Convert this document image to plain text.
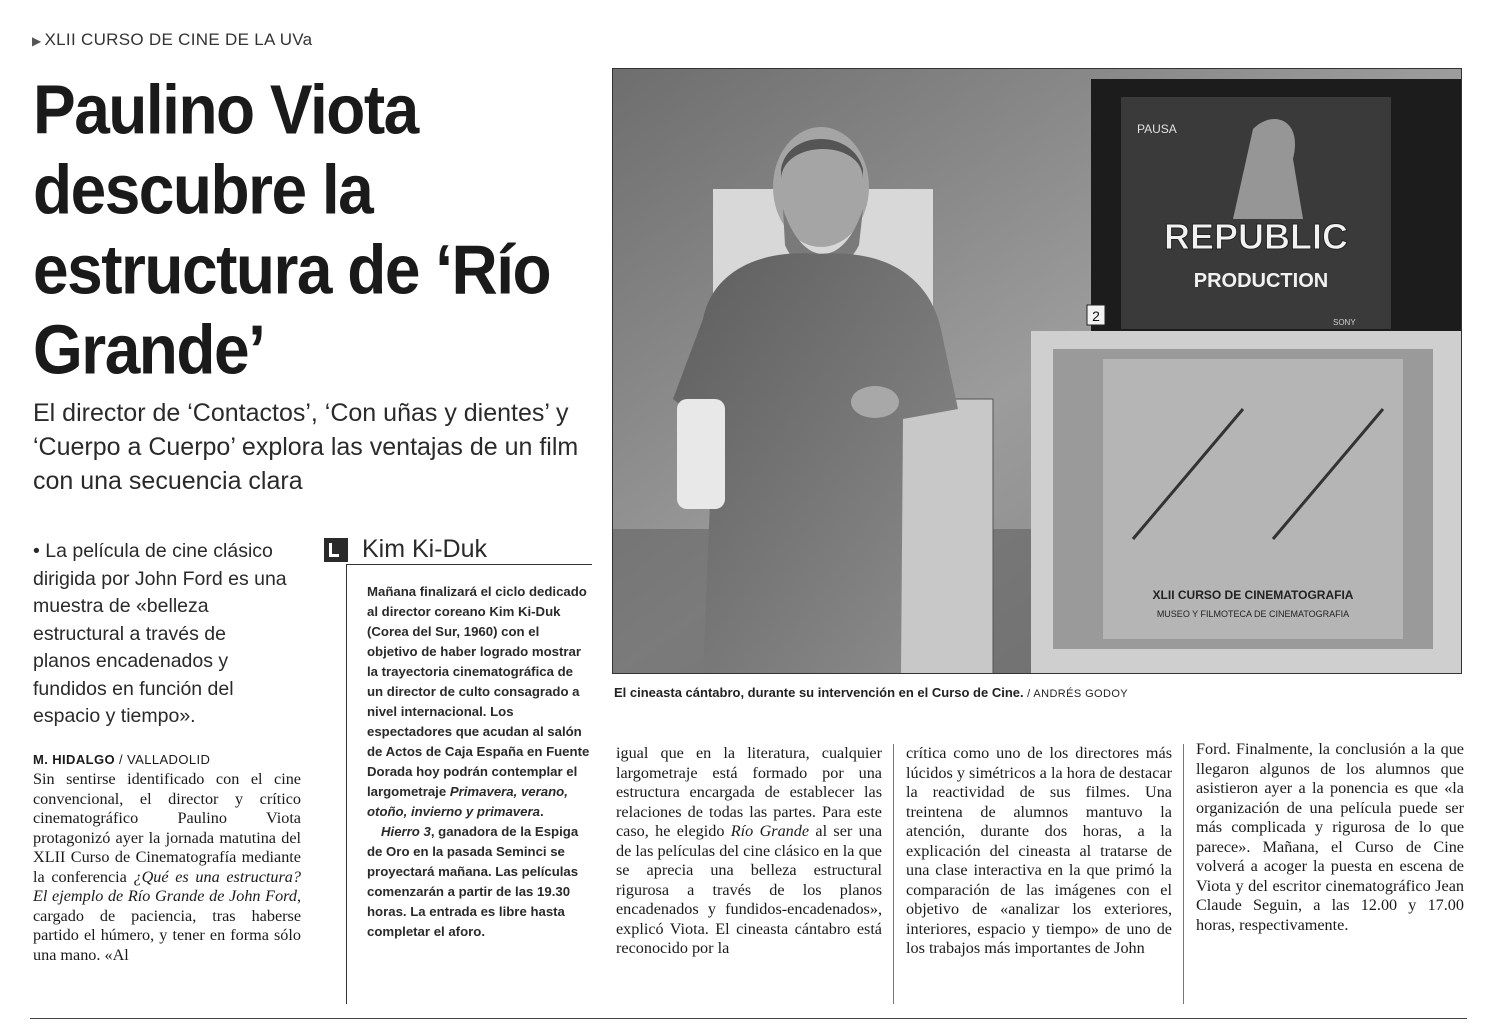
▶ XLII CURSO DE CINE DE LA UVa
Paulino Viota descubre la estructura de ‘Río Grande’
El director de ‘Contactos’, ‘Con uñas y dientes’ y ‘Cuerpo a Cuerpo’ explora las ventajas de un film con una secuencia clara
• La película de cine clásico dirigida por John Ford es una muestra de «belleza estructural a través de planos encadenados y fundidos en función del espacio y tiempo».
M. HIDALGO / VALLADOLID
Sin sentirse identificado con el cine convencional, el director y crítico cinematográfico Paulino Viota protagonizó ayer la jornada matutina del XLII Curso de Cinematografía mediante la conferencia ¿Qué es una estructura? El ejemplo de Río Grande de John Ford, cargado de paciencia, tras haberse partido el húmero, y tener en forma sólo una mano. «Al
Kim Ki-Duk

Mañana finalizará el ciclo dedicado al director coreano Kim Ki-Duk (Corea del Sur, 1960) con el objetivo de haber logrado mostrar la trayectoria cinematográfica de un director de culto consagrado a nivel internacional. Los espectadores que acudan al salón de Actos de Caja España en Fuente Dorada hoy podrán contemplar el largometraje Primavera, verano, otoño, invierno y primavera.

Hierro 3, ganadora de la Espiga de Oro en la pasada Seminci se proyectará mañana. Las películas comenzarán a partir de las 19.30 horas. La entrada es libre hasta completar el aforo.

PAUSA
REPUBLIC
PRODUCTION
SONY
2
XLII CURSO DE CINEMATOGRAFIA
MUSEO Y FILMOTECA DE CINEMATOGRAFIA
El cineasta cántabro, durante su intervención en el Curso de Cine. / ANDRÉS GODOY
igual que en la literatura, cualquier largometraje está formado por una estructura encargada de establecer las relaciones de todas las partes. Para este caso, he elegido Río Grande al ser una de las películas del cine clásico en la que se aprecia una belleza estructural rigurosa a través de los planos encadenados y fundidos-encadenados», explicó Viota. El cineasta cántabro está reconocido por la
crítica como uno de los directores más lúcidos y simétricos a la hora de destacar la reactividad de sus filmes. Una treintena de alumnos mantuvo la atención, durante dos horas, a la explicación del cineasta al tratarse de una clase interactiva en la que primó la comparación de las imágenes con el objetivo de «analizar los exteriores, interiores, espacio y tiempo» de uno de los trabajos más importantes de John
Ford. Finalmente, la conclusión a la que llegaron algunos de los alumnos que asistieron ayer a la ponencia es que «la organización de una película puede ser más complicada y rigurosa de lo que parece». Mañana, el Curso de Cine volverá a acoger la puesta en escena de Viota y del escritor cinematográfico Jean Claude Seguin, a las 12.00 y 17.00 horas, respectivamente.
